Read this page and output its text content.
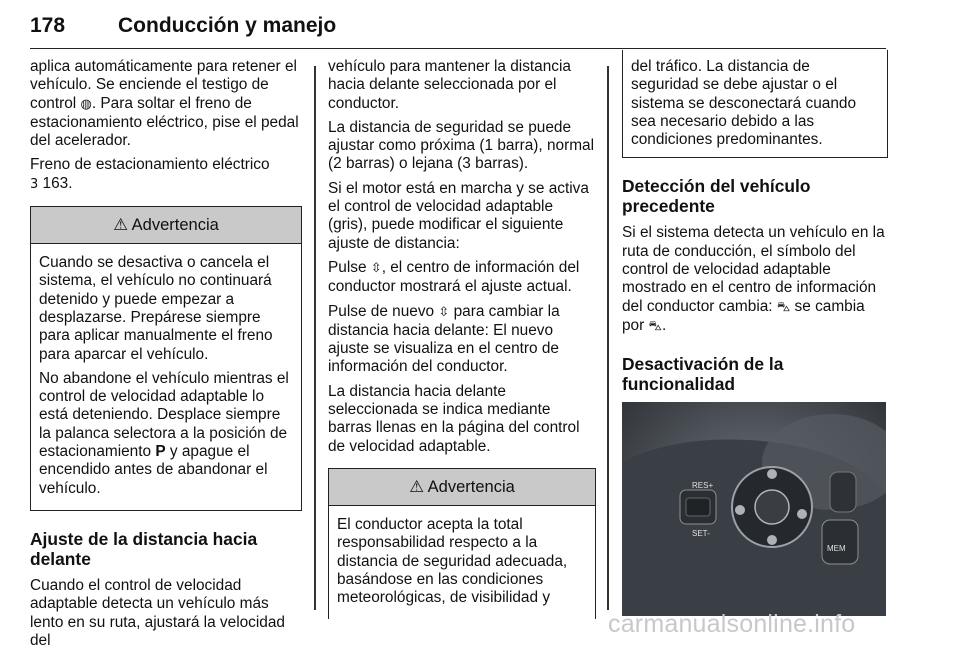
178	Conducción y manejo

aplica automáticamente para retener el vehículo. Se enciende el testigo de control ◍. Para soltar el freno de estacionamiento eléctrico, pise el pedal del acelerador.

Freno de estacionamiento eléctrico
3 163.

⚠ Advertencia

Cuando se desactiva o cancela el sistema, el vehículo no continuará detenido y puede empezar a desplazarse. Prepárese siempre para aplicar manualmente el freno para aparcar el vehículo.

No abandone el vehículo mientras el control de velocidad adaptable lo está deteniendo. Desplace siempre la palanca selectora a la posición de estacionamiento P y apague el encendido antes de abandonar el vehículo.

Ajuste de la distancia hacia delante

Cuando el control de velocidad adaptable detecta un vehículo más lento en su ruta, ajustará la velocidad del

vehículo para mantener la distancia hacia delante seleccionada por el conductor.

La distancia de seguridad se puede ajustar como próxima (1 barra), normal (2 barras) o lejana (3 barras).

Si el motor está en marcha y se activa el control de velocidad adaptable (gris), puede modificar el siguiente ajuste de distancia:

Pulse ⇳, el centro de información del conductor mostrará el ajuste actual.

Pulse de nuevo ⇳ para cambiar la distancia hacia delante: El nuevo ajuste se visualiza en el centro de información del conductor.

La distancia hacia delante seleccionada se indica mediante barras llenas en la página del control de velocidad adaptable.

⚠ Advertencia

El conductor acepta la total responsabilidad respecto a la distancia de seguridad adecuada, basándose en las condiciones meteorológicas, de visibilidad y

del tráfico. La distancia de seguridad se debe ajustar o el sistema se desconectará cuando sea necesario debido a las condiciones predominantes.

Detección del vehículo precedente

Si el sistema detecta un vehículo en la ruta de conducción, el símbolo del control de velocidad adaptable mostrado en el centro de información del conductor cambia: ⛍ se cambia por ⛍.

Desactivación de la funcionalidad
RES+
SET-
MEM
carmanualsonline.info
